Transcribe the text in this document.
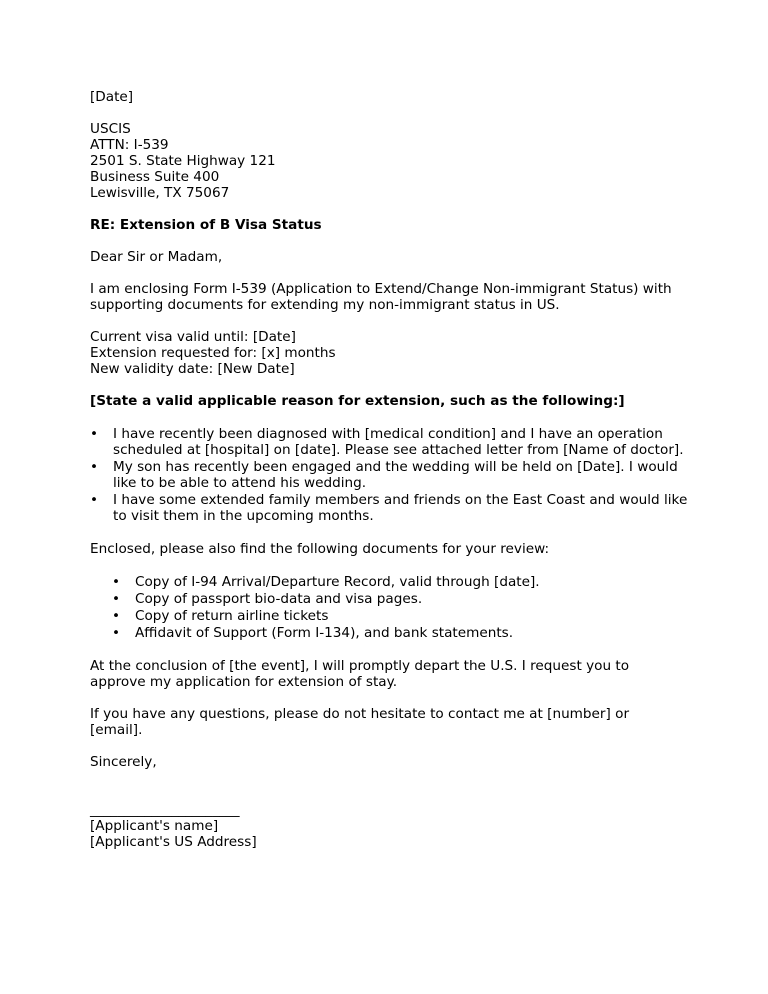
[Date]
USCIS
ATTN: I-539
2501 S. State Highway 121
Business Suite 400
Lewisville, TX 75067
RE: Extension of B Visa Status
Dear Sir or Madam,

I am enclosing Form I-539 (Application to Extend/Change Non-immigrant Status) with supporting documents for extending my non-immigrant status in US.

Current visa valid until: [Date]
Extension requested for: [x] months
New validity date: [New Date]
[State a valid applicable reason for extension, such as the following:]
• I have recently been diagnosed with [medical condition] and I have an operation scheduled at [hospital] on [date]. Please see attached letter from [Name of doctor].
• My son has recently been engaged and the wedding will be held on [Date]. I would like to be able to attend his wedding.
• I have some extended family members and friends on the East Coast and would like to visit them in the upcoming months.
Enclosed, please also find the following documents for your review:
• Copy of I-94 Arrival/Departure Record, valid through [date].
• Copy of passport bio-data and visa pages.
• Copy of return airline tickets
• Affidavit of Support (Form I-134), and bank statements.

At the conclusion of [the event], I will promptly depart the U.S. I request you to approve my application for extension of stay.

If you have any questions, please do not hesitate to contact me at [number] or [email].

Sincerely,
______________________
[Applicant's name]
[Applicant's US Address]
